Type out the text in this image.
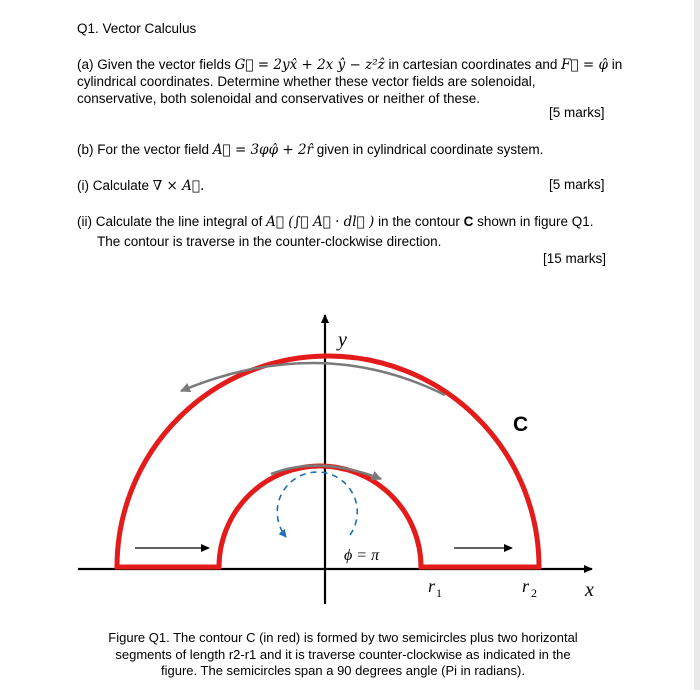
Q1. Vector Calculus
(a) Given the vector fields G⃗ = 2yx̂ + 2x ŷ − z²ẑ in cartesian coordinates and F⃗ = φ̂ in
cylindrical coordinates. Determine whether these vector fields are solenoidal,
conservative, both solenoidal and conservatives or neither of these.
[5 marks]
(b) For the vector field A⃗ = 3φφ̂ + 2r̂ given in cylindrical coordinate system.
(i) Calculate ∇ × A⃗.	[5 marks]
(ii) Calculate the line integral of A⃗ (∫꜀ A⃗ · dl⃗ ) in the contour C shown in figure Q1.
The contour is traverse in the counter-clockwise direction.
[15 marks]
y
x
C
ϕ = π
r 1	r 2
Figure Q1. The contour C (in red) is formed by two semicircles plus two horizontal
segments of length r2-r1 and it is traverse counter-clockwise as indicated in the
figure. The semicircles span a 90 degrees angle (Pi in radians).
